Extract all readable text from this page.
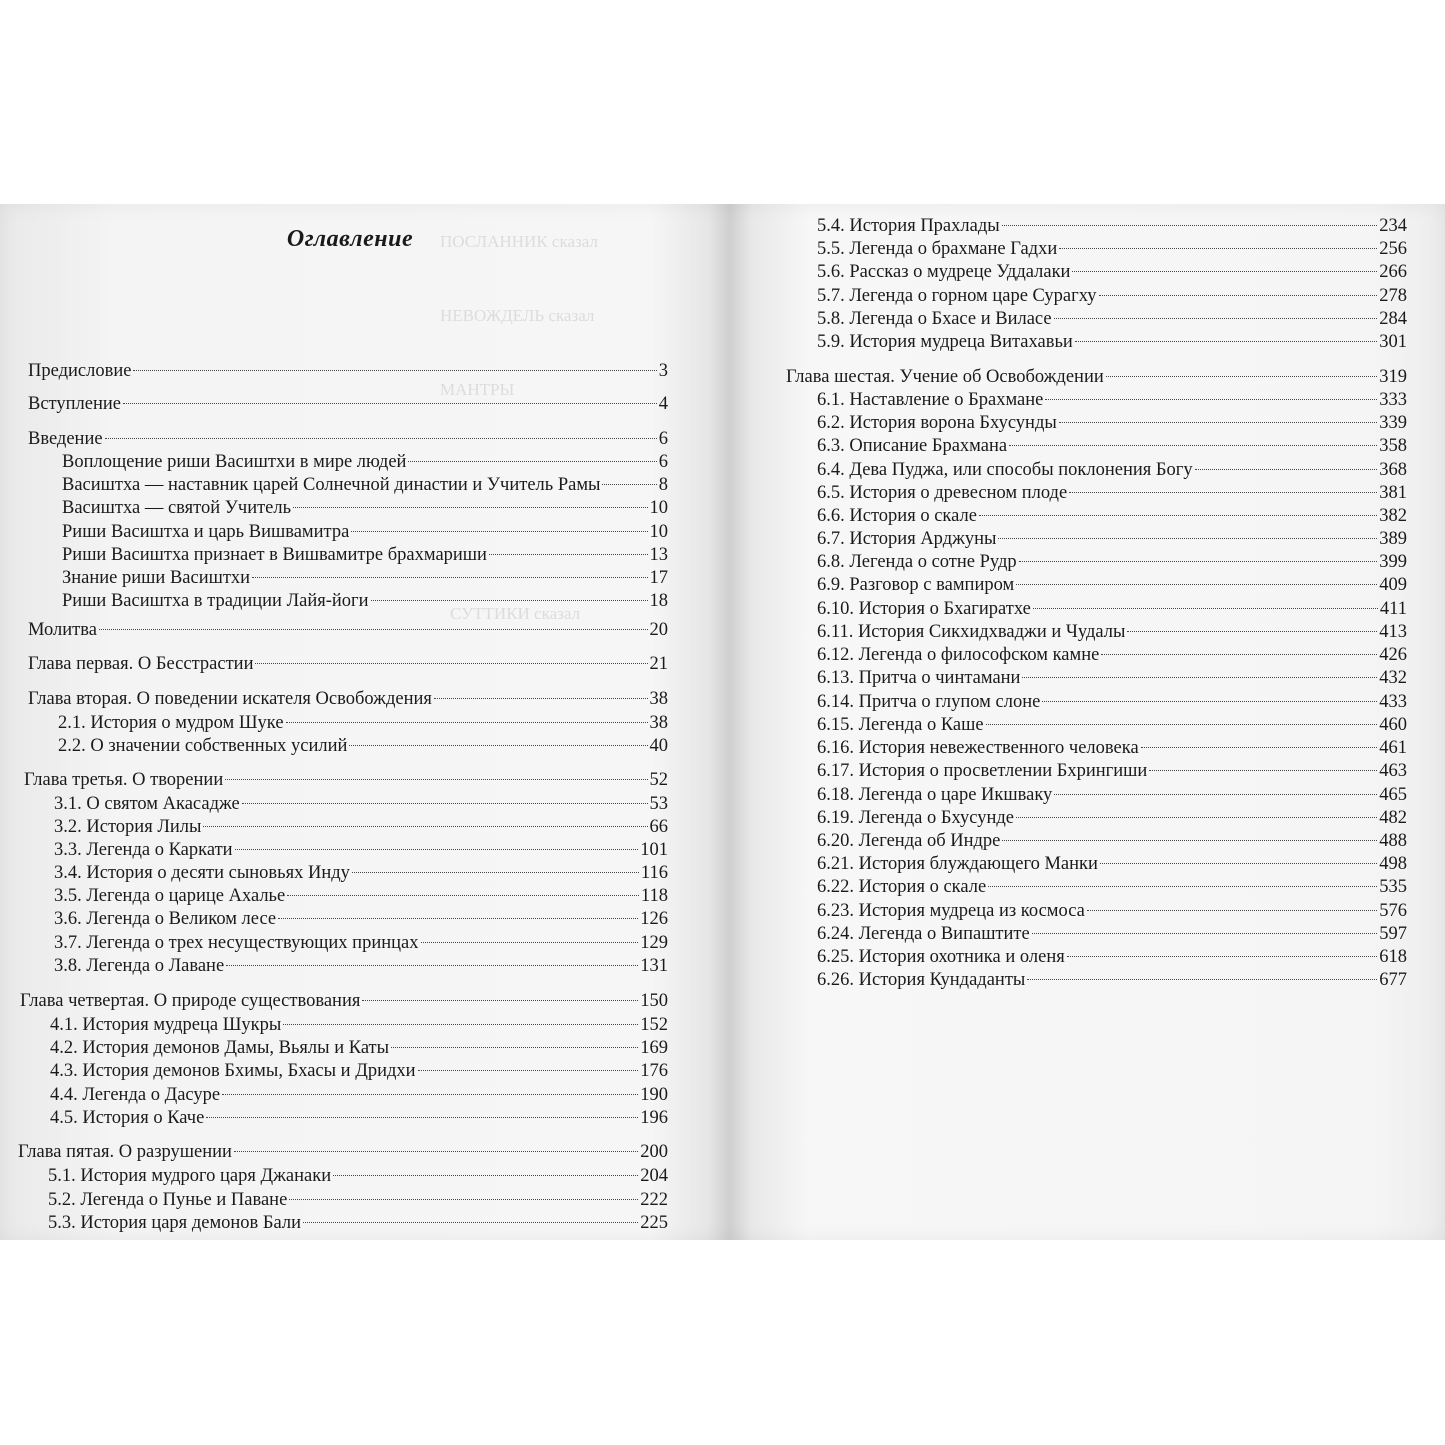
ПОСЛАННИК сказал
НЕВОЖДЕЛЬ сказал
МАНТРЫ
СУТТИКИ сказал
Оглавление
Предисловие	3
Вступление	4
Введение	6
Воплощение риши Васиштхи в мире людей	6
Васиштха — наставник царей Солнечной династии и Учитель Рамы	8
Васиштха — святой Учитель	10
Риши Васиштха и царь Вишвамитра	10
Риши Васиштха признает в Вишвамитре брахмариши	13
Знание риши Васиштхи	17
Риши Васиштха в традиции Лайя-йоги	18
Молитва	20
Глава первая. О Бесстрастии	21
Глава вторая. О поведении искателя Освобождения	38
2.1. История о мудром Шуке	38
2.2. О значении собственных усилий	40
Глава третья. О творении	52
3.1. О святом Акасадже	53
3.2. История Лилы	66
3.3. Легенда о Каркати	101
3.4. История о десяти сыновьях Инду	116
3.5. Легенда о царице Ахалье	118
3.6. Легенда о Великом лесе	126
3.7. Легенда о трех несуществующих принцах	129
3.8. Легенда о Лаване	131
Глава четвертая. О природе существования	150
4.1. История мудреца Шукры	152
4.2. История демонов Дамы, Вьялы и Каты	169
4.3. История демонов Бхимы, Бхасы и Дридхи	176
4.4. Легенда о Дасуре	190
4.5. История о Каче	196
Глава пятая. О разрушении	200
5.1. История мудрого царя Джанаки	204
5.2. Легенда о Пунье и Паване	222
5.3. История царя демонов Бали	225
5.4. История Прахлады	234
5.5. Легенда о брахмане Гадхи	256
5.6. Рассказ о мудреце Уддалаки	266
5.7. Легенда о горном царе Сурагху	278
5.8. Легенда о Бхасе и Виласе	284
5.9. История мудреца Витахавьи	301
Глава шестая. Учение об Освобождении	319
6.1. Наставление о Брахмане	333
6.2. История ворона Бхусунды	339
6.3. Описание Брахмана	358
6.4. Дева Пуджа, или способы поклонения Богу	368
6.5. История о древесном плоде	381
6.6. История о скале	382
6.7. История Арджуны	389
6.8. Легенда о сотне Рудр	399
6.9. Разговор с вампиром	409
6.10. История о Бхагиратхе	411
6.11. История Сикхидхваджи и Чудалы	413
6.12. Легенда о философском камне	426
6.13. Притча о чинтамани	432
6.14. Притча о глупом слоне	433
6.15. Легенда о Каше	460
6.16. История невежественного человека	461
6.17. История о просветлении Бхрингиши	463
6.18. Легенда о царе Икшваку	465
6.19. Легенда о Бхусунде	482
6.20. Легенда об Индре	488
6.21. История блуждающего Манки	498
6.22. История о скале	535
6.23. История мудреца из космоса	576
6.24. Легенда о Випаштите	597
6.25. История охотника и оленя	618
6.26. История Кундаданты	677
